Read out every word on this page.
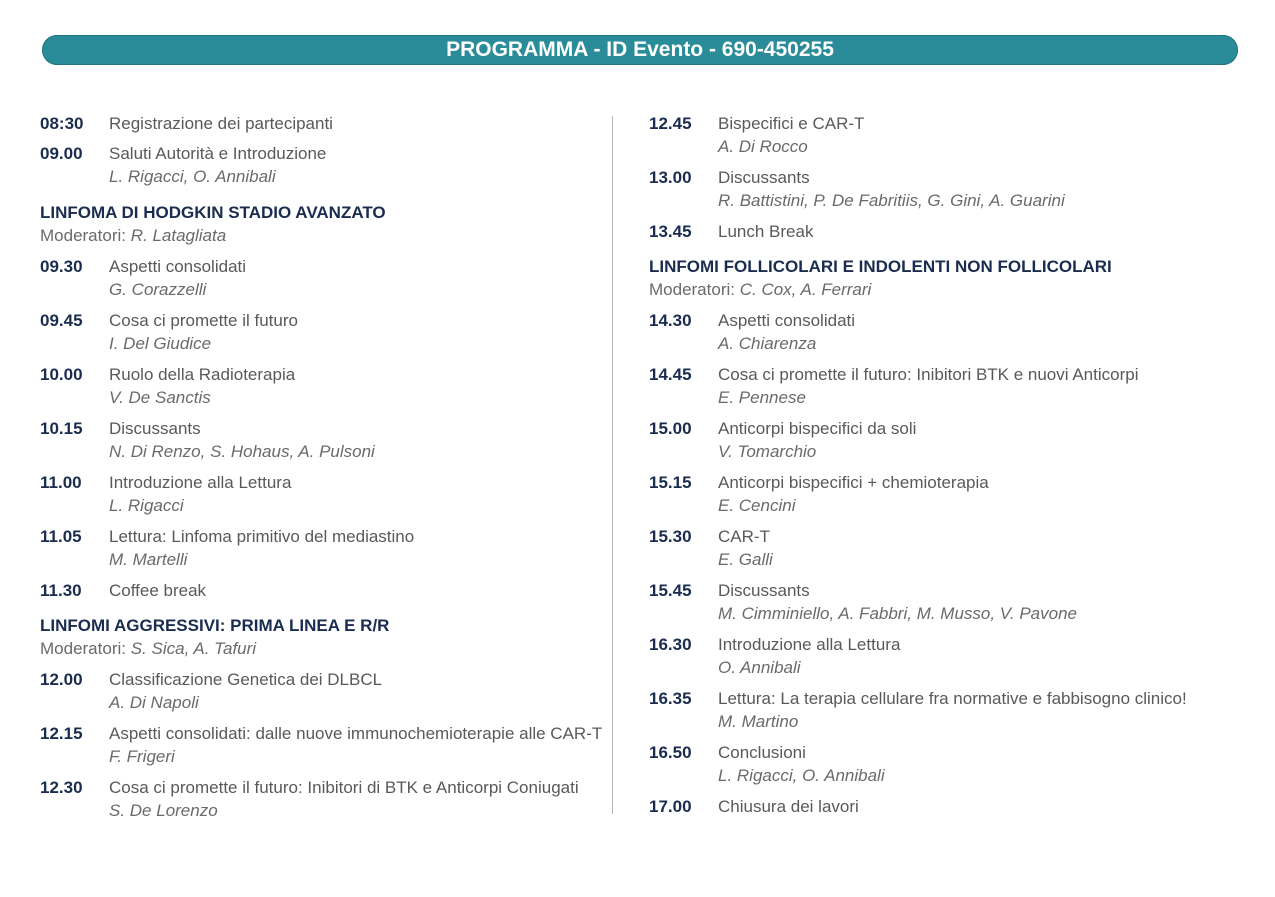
PROGRAMMA - ID Evento - 690-450255
08:30 Registrazione dei partecipanti
09.00 Saluti Autorità e Introduzione
L. Rigacci, O. Annibali
LINFOMA DI HODGKIN STADIO AVANZATO
Moderatori: R. Latagliata
09.30 Aspetti consolidati
G. Corazzelli
09.45 Cosa ci promette il futuro
I. Del Giudice
10.00 Ruolo della Radioterapia
V. De Sanctis
10.15 Discussants
N. Di Renzo, S. Hohaus, A. Pulsoni
11.00 Introduzione alla Lettura
L. Rigacci
11.05 Lettura: Linfoma primitivo del mediastino
M. Martelli
11.30 Coffee break
LINFOMI AGGRESSIVI: PRIMA LINEA E R/R
Moderatori: S. Sica, A. Tafuri
12.00 Classificazione Genetica dei DLBCL
A. Di Napoli
12.15 Aspetti consolidati: dalle nuove immunochemioterapie alle CAR-T
F. Frigeri
12.30 Cosa ci promette il futuro: Inibitori di BTK e Anticorpi Coniugati
S. De Lorenzo
12.45 Bispecifici e CAR-T
A. Di Rocco
13.00 Discussants
R. Battistini, P. De Fabritiis, G. Gini, A. Guarini
13.45 Lunch Break
LINFOMI FOLLICOLARI E INDOLENTI NON FOLLICOLARI
Moderatori: C. Cox, A. Ferrari
14.30 Aspetti consolidati
A. Chiarenza
14.45 Cosa ci promette il futuro: Inibitori BTK e nuovi Anticorpi
E. Pennese
15.00 Anticorpi bispecifici da soli
V. Tomarchio
15.15 Anticorpi bispecifici + chemioterapia
E. Cencini
15.30 CAR-T
E. Galli
15.45 Discussants
M. Cimminiello, A. Fabbri, M. Musso, V. Pavone
16.30 Introduzione alla Lettura
O. Annibali
16.35 Lettura: La terapia cellulare fra normative e fabbisogno clinico!
M. Martino
16.50 Conclusioni
L. Rigacci, O. Annibali
17.00 Chiusura dei lavori
